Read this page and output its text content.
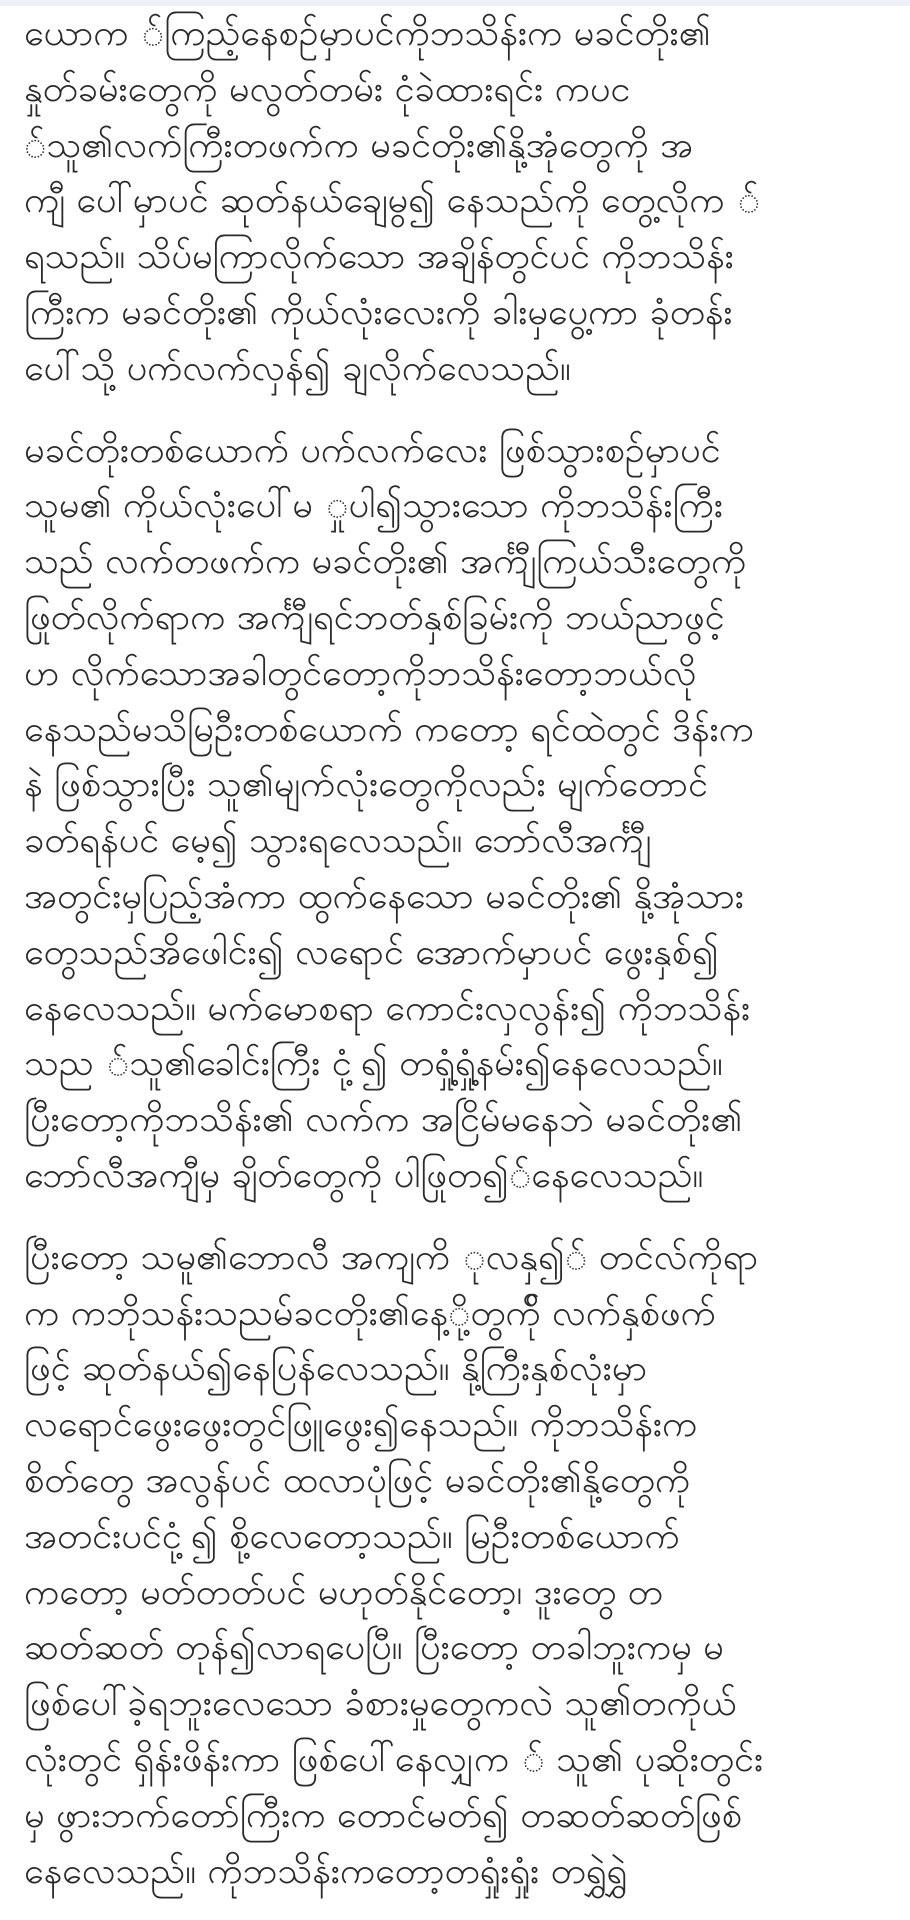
ယောက ်ကြည့်နေစဉ်မှာပင်ကိုဘသိန်းက မခင်တိုး၏
နှုတ်ခမ်းတွေကို မလွတ်တမ်း ငုံခဲထားရင်း ကပင
်သူ၏လက်ကြီးတဖက်က မခင်တိုး၏နို့အုံတွေကို အ
ကျီ ပေါ်မှာပင် ဆုတ်နယ်ချေမွ၍ နေသည်ကို တွေ့လိုက ်
ရသည်။ သိပ်မကြာလိုက်သော အချိန်တွင်ပင် ကိုဘသိန်း
ကြီးက မခင်တိုး၏ ကိုယ်လုံးလေးကို ခါးမှပွေ့ကာ ခုံတန်း
ပေါ်သို့ ပက်လက်လှန်၍ ချလိုက်လေသည်။

မခင်တိုးတစ်ယောက် ပက်လက်လေး ဖြစ်သွားစဉ်မှာပင်
သူမ၏ ကိုယ်လုံးပေါ်မ ှုပါ၍သွားသော ကိုဘသိန်းကြီး
သည် လက်တဖက်က မခင်တိုး၏ အင်္ကျီကြယ်သီးတွေကို
ဖြုတ်လိုက်ရာက အင်္ကျီရင်ဘတ်နှစ်ခြမ်းကို ဘယ်ညာဖွင့်
ဟ လိုက်သောအခါတွင်တော့ကိုဘသိန်းတော့ဘယ်လို
နေသည်မသိမြဦးတစ်ယောက် ကတော့ ရင်ထဲတွင် ဒိန်းက
နဲ ဖြစ်သွားပြီး သူ၏မျက်လုံးတွေကိုလည်း မျက်တောင်
ခတ်ရန်ပင် မေ့၍ သွားရလေသည်။ ဘော်လီအင်္ကျီ
အတွင်းမှပြည့်အံကာ ထွက်နေသော မခင်တိုး၏ နို့အုံသား
တွေသည်အိဖေါင်း၍ လရောင် အောက်မှာပင် ဖွေးနှစ်၍
နေလေသည်။ မက်မောစရာ ကောင်းလှလွန်း၍ ကိုဘသိန်း
သည ်သူ၏ခေါင်းကြီး ငုံ့၍ တရှုံ့ရှုံ့နမ်း၍နေလေသည်။
ပြီးတော့ကိုဘသိန်း၏ လက်က အငြိမ်မနေဘဲ မခင်တိုး၏
ဘော်လီအကျီမှ ချိတ်တွေကို ပါဖြုတ၍်နေလေသည်။

ပြီးတော့ သမူ၏ဘောလီ အကျကိ ုလနှ၍် တင်လ်ကိုရာ
က ကဘိုသန်းသညမ်ခငတိုး၏နေ့ို့တွက်ို လက်နှစ်ဖက်
ဖြင့် ဆုတ်နယ်၍နေပြန်လေသည်။ နို့ကြီးနှစ်လုံးမှာ
လရောင်ဖွေးဖွေးတွင်ဖြူဖွေး၍နေသည်။ ကိုဘသိန်းက
စိတ်တွေ အလွန်ပင် ထလာပုံဖြင့် မခင်တိုး၏နို့တွေကို
အတင်းပင်ငုံ့၍ စို့လေတော့သည်။ မြဦးတစ်ယောက်
ကတော့ မတ်တတ်ပင် မဟုတ်နိုင်တော့၊ ဒူးတွေ တ
ဆတ်ဆတ် တုန်၍လာရပေပြီ။ ပြီးတော့ တခါဘူးကမှ မ
ဖြစ်ပေါ်ခဲ့ရဘူးလေသော ခံစားမှုတွေကလဲ သူ၏တကိုယ်
လုံးတွင် ရှိန်းဖိန်းကာ ဖြစ်ပေါ်နေလျှက ် သူ၏ ပုဆိုးတွင်း
မှ ဖွားဘက်တော်ကြီးက တောင်မတ်၍ တဆတ်ဆတ်ဖြစ်
နေလေသည်။ ကိုဘသိန်းကတော့တရှုံးရှုံး တရွှဲရွှဲ
